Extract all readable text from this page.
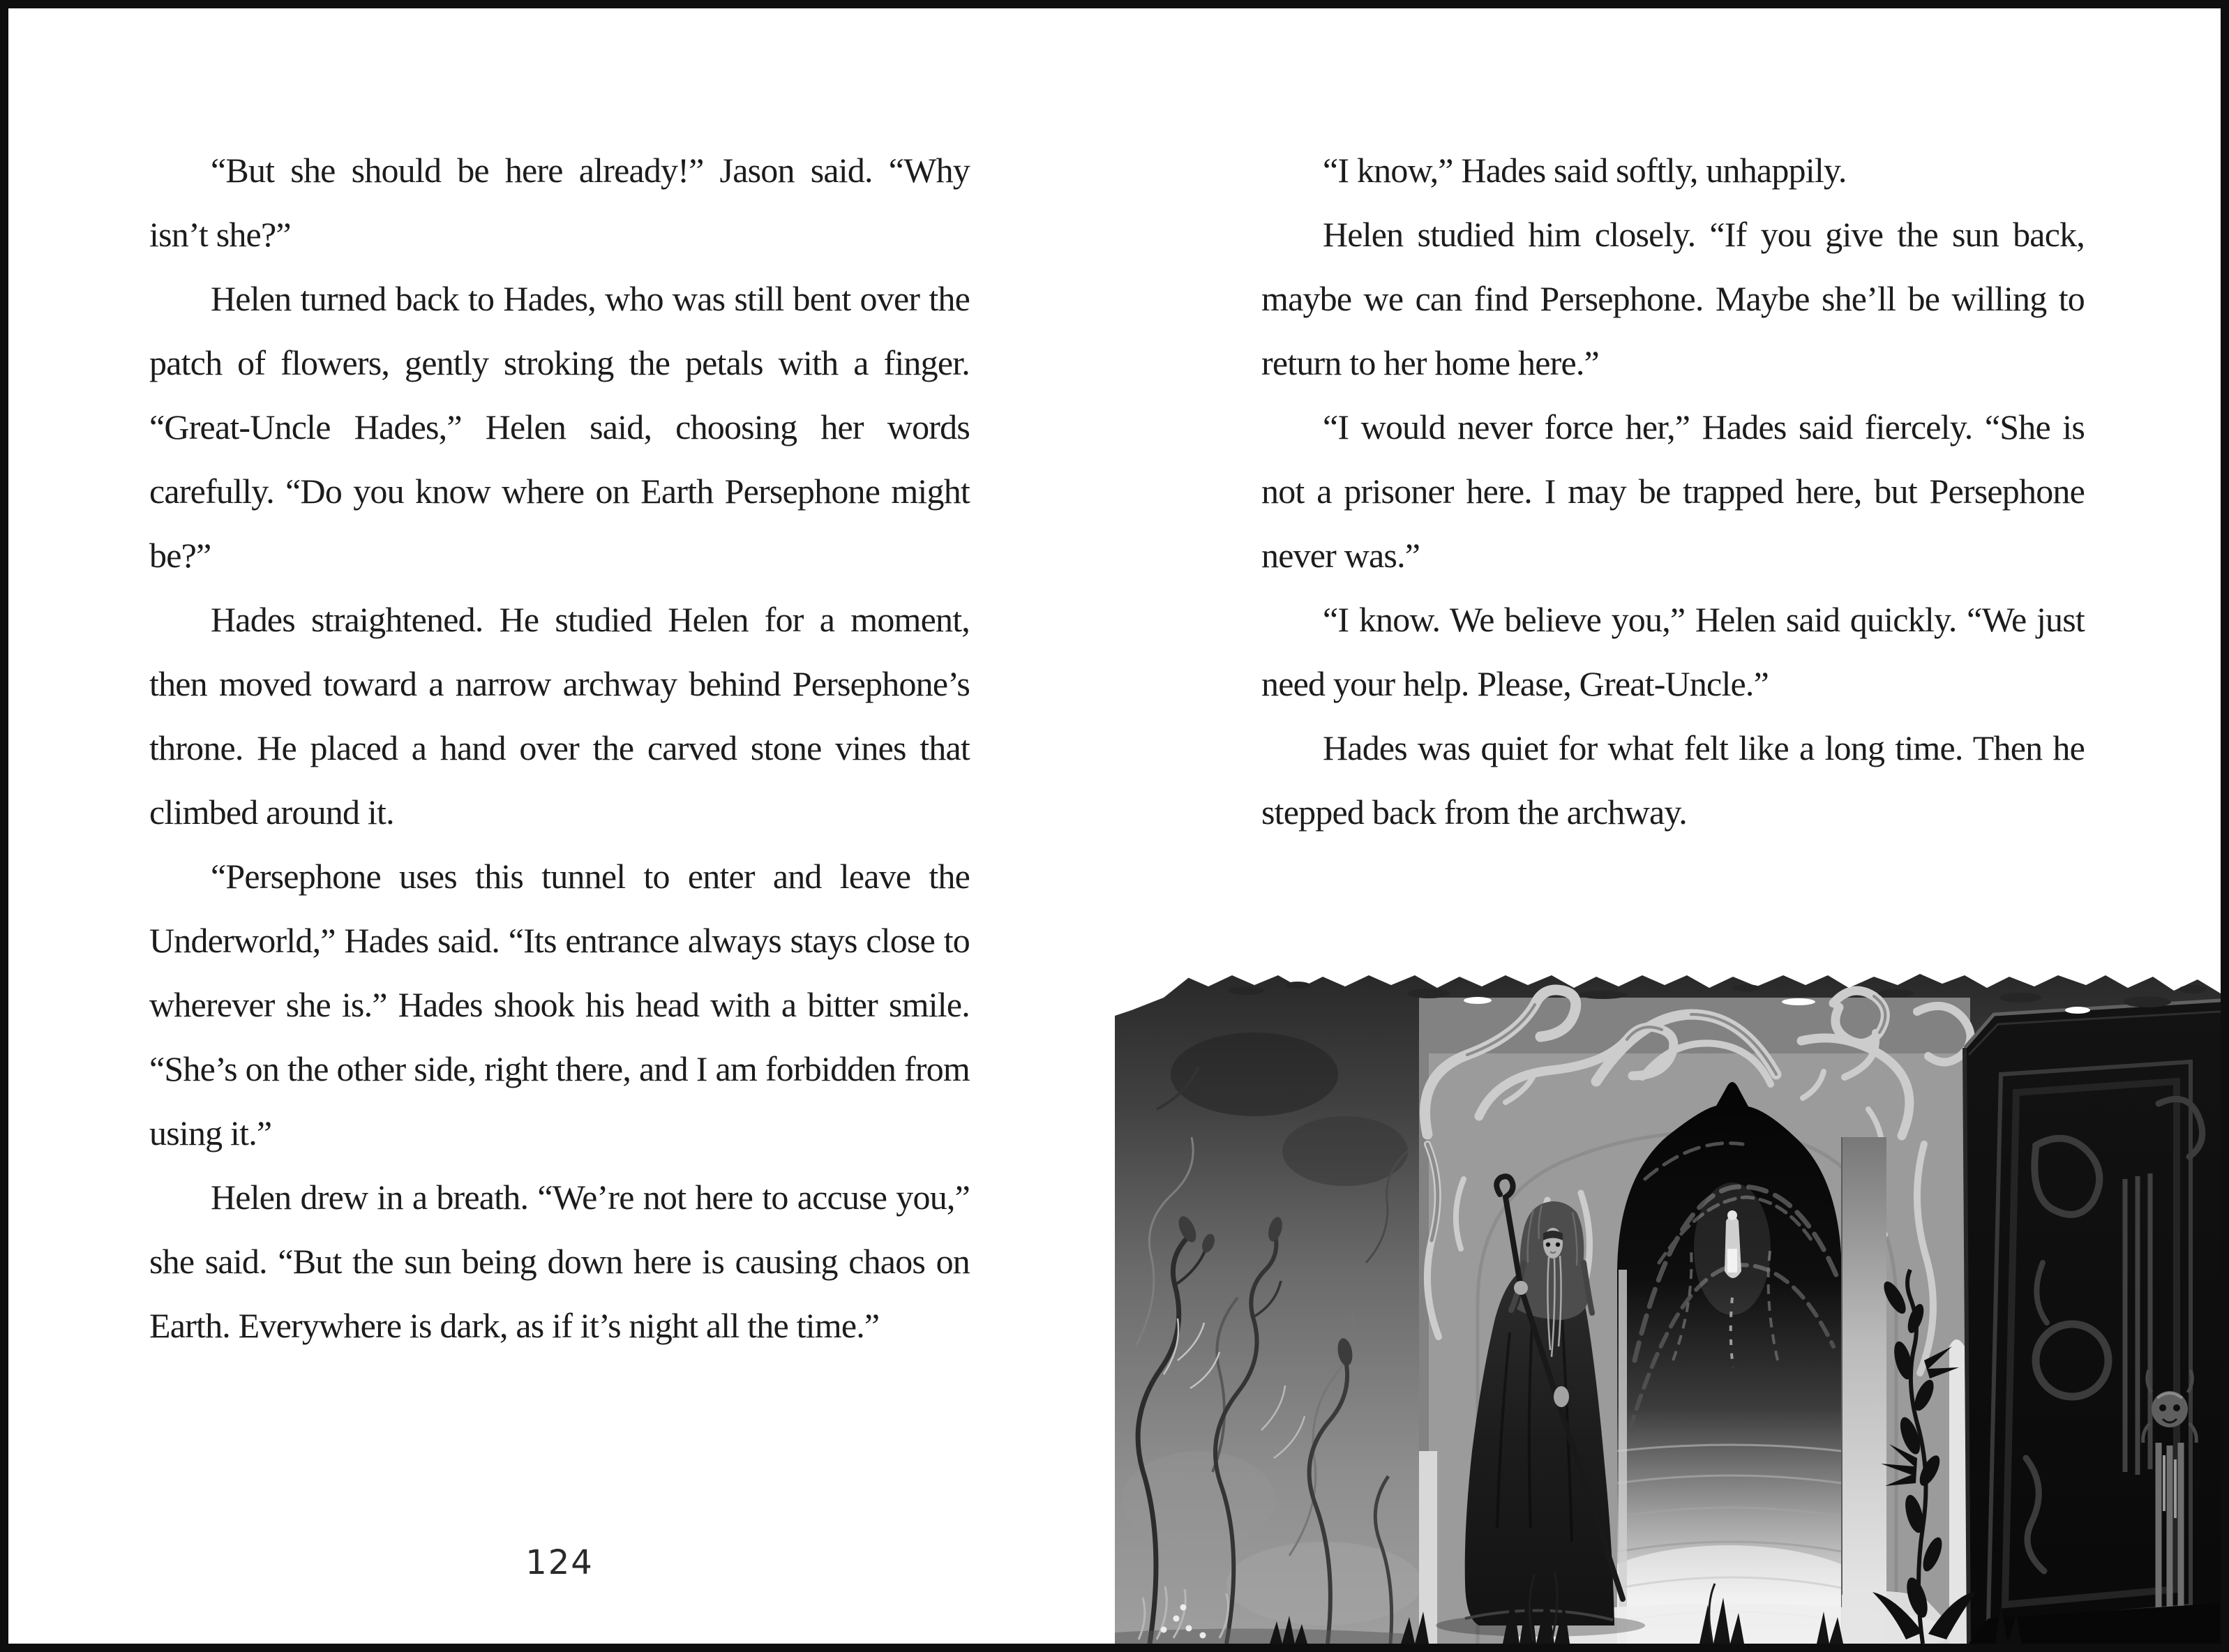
“But she should be here already!” Jason said. “Why isn’t she?”

Helen turned back to Hades, who was still bent over the patch of flowers, gently stroking the petals with a finger. “Great-Uncle Hades,” Helen said, choosing her words carefully. “Do you know where on Earth Persephone might be?”

Hades straightened. He studied Helen for a moment, then moved toward a narrow archway behind Persephone’s throne. He placed a hand over the carved stone vines that climbed around it.

“Persephone uses this tunnel to enter and leave the Underworld,” Hades said. “Its entrance always stays close to wherever she is.” Hades shook his head with a bitter smile. “She’s on the other side, right there, and I am forbidden from using it.”

Helen drew in a breath. “We’re not here to accuse you,” she said. “But the sun being down here is causing chaos on Earth. Everywhere is dark, as if it’s night all the time.”

124

“I know,” Hades said softly, unhappily.

Helen studied him closely. “If you give the sun back, maybe we can find Persephone. Maybe she’ll be willing to return to her home here.”

“I would never force her,” Hades said fiercely. “She is not a prisoner here. I may be trapped here, but Persephone never was.”

“I know. We believe you,” Helen said quickly. “We just need your help. Please, Great-Uncle.”

Hades was quiet for what felt like a long time. Then he stepped back from the archway.
